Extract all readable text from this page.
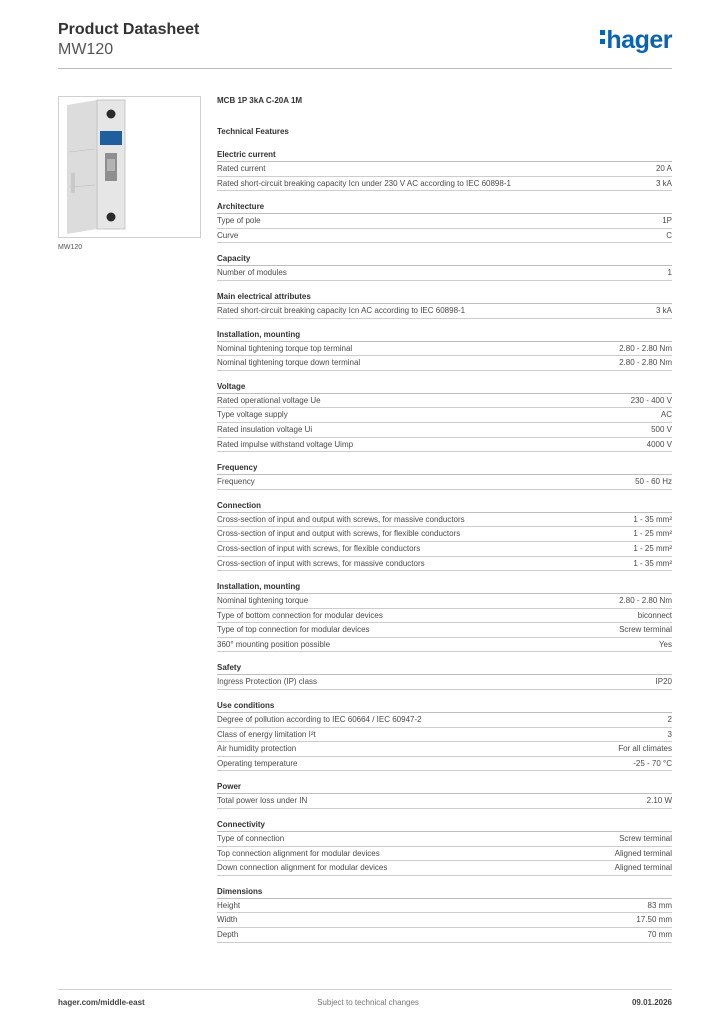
Product Datasheet
MW120	hager
MW120
MCB 1P 3kA C-20A 1M
Technical Features
Electric current
Rated current	20 A
Rated short-circuit breaking capacity Icn under 230 V AC according to IEC 60898-1	3 kA
Architecture
Type of pole	1P
Curve	C
Capacity
Number of modules	1
Main electrical attributes
Rated short-circuit breaking capacity Icn AC according to IEC 60898-1	3 kA
Installation, mounting
Nominal tightening torque top terminal	2.80 - 2.80 Nm
Nominal tightening torque down terminal	2.80 - 2.80 Nm
Voltage
Rated operational voltage Ue	230 - 400 V
Type voltage supply	AC
Rated insulation voltage Ui	500 V
Rated impulse withstand voltage Uimp	4000 V
Frequency
Frequency	50 - 60 Hz
Connection
Cross-section of input and output with screws, for massive conductors	1 - 35 mm²
Cross-section of input and output with screws, for flexible conductors	1 - 25 mm²
Cross-section of input with screws, for flexible conductors	1 - 25 mm²
Cross-section of input with screws, for massive conductors	1 - 35 mm²
Installation, mounting
Nominal tightening torque	2.80 - 2.80 Nm
Type of bottom connection for modular devices	biconnect
Type of top connection for modular devices	Screw terminal
360° mounting position possible	Yes
Safety
Ingress Protection (IP) class	IP20
Use conditions
Degree of pollution according to IEC 60664 / IEC 60947-2	2
Class of energy limitation I²t	3
Air humidity protection	For all climates
Operating temperature	-25 - 70 °C
Power
Total power loss under IN	2.10 W
Connectivity
Type of connection	Screw terminal
Top connection alignment for modular devices	Aligned terminal
Down connection alignment for modular devices	Aligned terminal
Dimensions
Height	83 mm
Width	17.50 mm
Depth	70 mm
hager.com/middle-east	Subject to technical changes	09.01.2026
